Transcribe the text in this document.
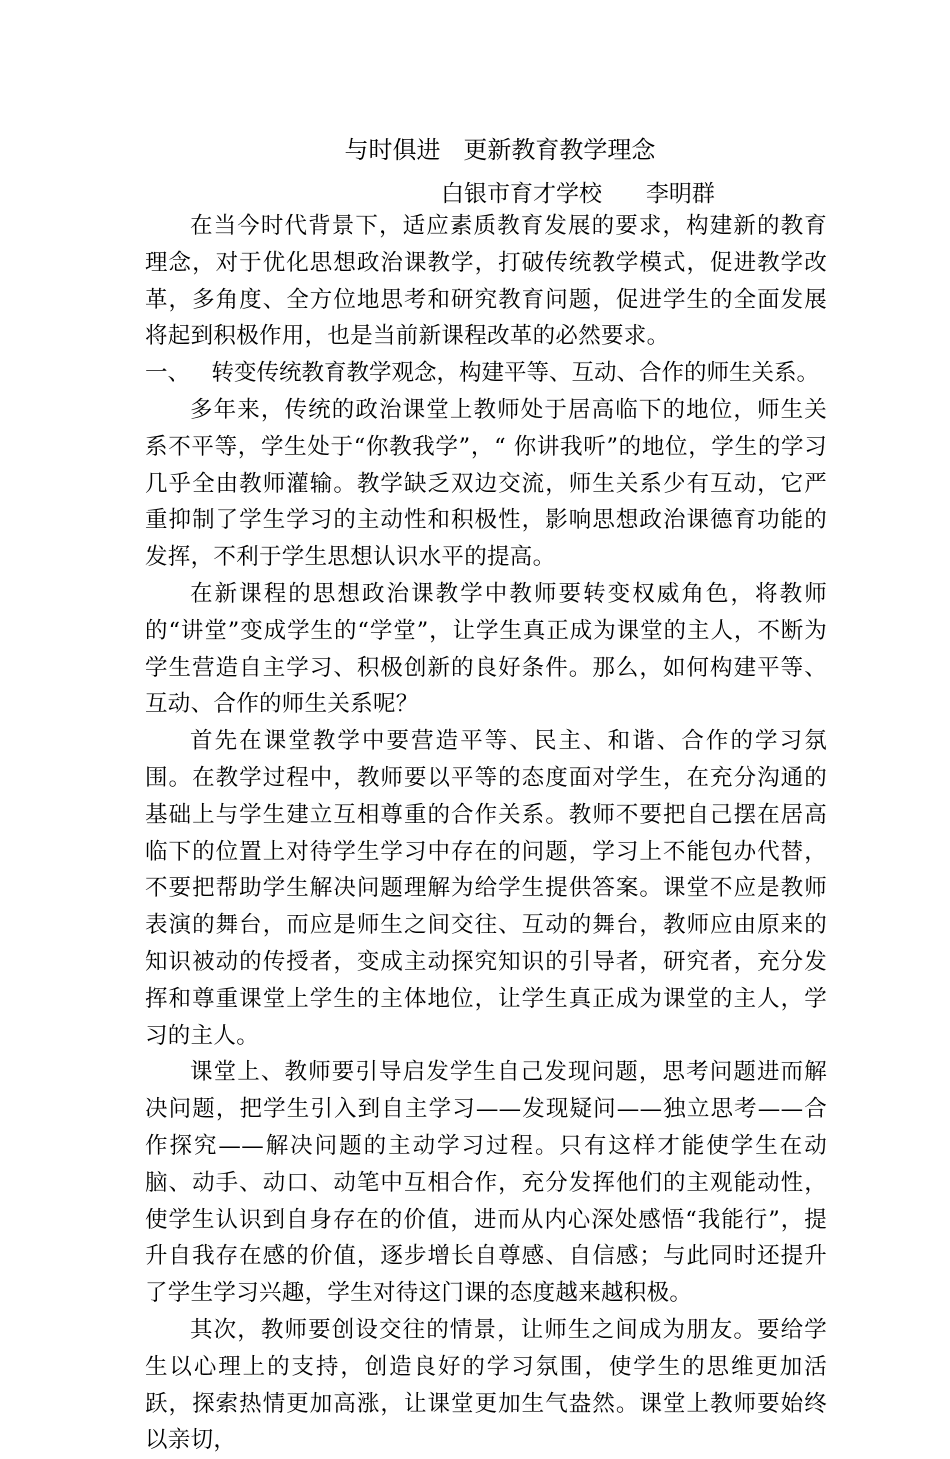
与时俱进   更新教育教学理念
白银市育才学校      李明群

在当今时代背景下，适应素质教育发展的要求，构建新的教育理念，对于优化思想政治课教学，打破传统教学模式，促进教学改革，多角度、全方位地思考和研究教育问题，促进学生的全面发展将起到积极作用，也是当前新课程改革的必然要求。

一、   转变传统教育教学观念，构建平等、互动、合作的师生关系。

多年来，传统的政治课堂上教师处于居高临下的地位，师生关系不平等，学生处于“你教我学”，“ 你讲我听”的地位，学生的学习几乎全由教师灌输。教学缺乏双边交流，师生关系少有互动，它严重抑制了学生学习的主动性和积极性，影响思想政治课德育功能的发挥，不利于学生思想认识水平的提高。

在新课程的思想政治课教学中教师要转变权威角色，将教师的“讲堂”变成学生的“学堂”，让学生真正成为课堂的主人，不断为学生营造自主学习、积极创新的良好条件。那么，如何构建平等、互动、合作的师生关系呢？

首先在课堂教学中要营造平等、民主、和谐、合作的学习氛围。在教学过程中，教师要以平等的态度面对学生，在充分沟通的基础上与学生建立互相尊重的合作关系。教师不要把自己摆在居高临下的位置上对待学生学习中存在的问题，学习上不能包办代替，不要把帮助学生解决问题理解为给学生提供答案。课堂不应是教师表演的舞台，而应是师生之间交往、互动的舞台，教师应由原来的知识被动的传授者，变成主动探究知识的引导者，研究者，充分发挥和尊重课堂上学生的主体地位，让学生真正成为课堂的主人，学习的主人。

课堂上、教师要引导启发学生自己发现问题，思考问题进而解决问题，把学生引入到自主学习——发现疑问——独立思考——合作探究——解决问题的主动学习过程。只有这样才能使学生在动脑、动手、动口、动笔中互相合作，充分发挥他们的主观能动性，使学生认识到自身存在的价值，进而从内心深处感悟“我能行”，提升自我存在感的价值，逐步增长自尊感、自信感；与此同时还提升了学生学习兴趣，学生对待这门课的态度越来越积极。

其次，教师要创设交往的情景，让师生之间成为朋友。要给学生以心理上的支持，创造良好的学习氛围，使学生的思维更加活跃，探索热情更加高涨，让课堂更加生气盎然。课堂上教师要始终以亲切，
